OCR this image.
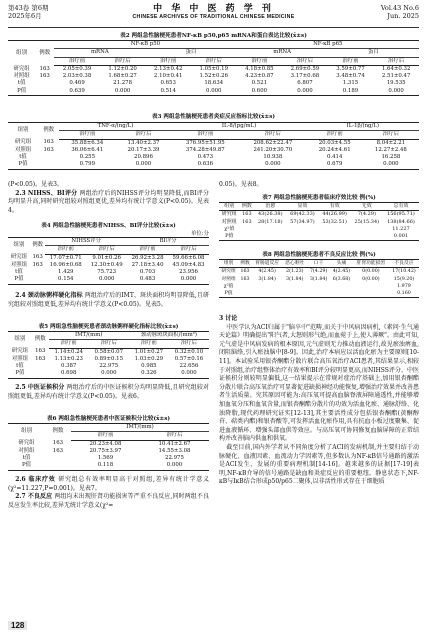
第43卷 第6期
2025年6月
中 华 中 医 药 学 刊
CHINESE ARCHIVES OF TRADITIONAL CHINESE MEDICINE
Vol.43 No.6
Jun. 2025
表2 两组急性脑梗死患者NF-κB p50,p65 mRNA和蛋白表达比较(x̄±s)
组别	例数	NF-κB p50				NF-κB p65			
		mRNA		蛋白		mRNA		蛋白	
		治疗前	治疗后	治疗前	治疗后	治疗前	治疗后	治疗前	治疗后
研究组	163	2.05±0.39	1.12±0.20	2.13±0.42	1.05±0.19	4.18±0.85	2.69±0.59	3.59±0.77	1.64±0.32
对照组	163	2.03±0.38	1.68±0.27	2.10±0.41	1.52±0.26	4.23±0.87	3.17±0.68	3.48±0.74	2.51±0.47
t值		0.469	21.278	0.653	18.634	0.521	6.807	1.315	19.535
P值		0.639	0.000	0.514	0.000	0.600	0.000	0.189	0.000
表3 两组急性脑梗死患者炎症反应指标比较(x̄±s)
组别	例数	TNF-α/(ng/L)		IL-8/(pg/mL)		IL-1β/(ng/L)	
		治疗前	治疗后	治疗前	治疗后	治疗前	治疗后
研究组	163	35.88±6.34	13.40±2.37	376.95±51.95	208.62±22.47	20.03±4.55	8.04±2.21
对照组	163	36.06±6.41	20.17±3.39	374.28±49.87	241.20±30.70	20.24±4.61	12.27±2.48
t值		0.255	20.896	0.473	10.938	0.414	16.258
P值		0.799	0.000	0.636	0.000	0.679	0.000

(P<0.05)。见表3。

2.3 NIHSS、BI评分 两组治疗后的NIHSS评分均明显降低,而BI评分均明显升高,同时研究组较对照组更优,差异均有统计学意义(P<0.05)。见表4。

表4 两组急性脑梗死患者NIHSS、BI评分比较(x̄±s)
单位:分
组别	例数	NIHSS评分		BI评分	
		治疗前	治疗后	治疗前	治疗后
研究组	163	17.07±0.71	9.01±0.26	26.92±3.28	59.66±6.08
对照组	163	16.96±0.68	12.30±0.49	27.18±3.40	45.09±4.83
t值		1.429	75.723	0.703	23.956
P值		0.154	0.000	0.483	0.000

2.4 颈动脉粥样硬化指标 两组治疗后的IMT、斑块面积均明显降低,且研究组较对照组更低,差异均有统计学意义(P<0.05)。见表5。

表5 两组急性脑梗死患者颈动脉粥样硬化指标比较(x̄±s)
组别	例数	IMT/(mm)		颈动脉斑块面积/(mm²)	
		治疗前	治疗后	治疗前	治疗后
研究组	163	1.14±0.24	0.58±0.07	1.01±0.27	0.32±0.10
对照组	163	1.13±0.23	0.89±0.15	1.03±0.29	0.57±0.16
t值		0.387	22.975	0.985	22.656
P值		0.698	0.000	0.326	0.000

2.5 中医证候积分 两组治疗后的中医证候积分均明显降低,且研究组较对照组更低,差异均有统计学意义(P<0.05)。见表6。

表6 两组急性脑梗死患者中医证候积分比较(x̄±s)
组别	例数	IMT/(mm)	
		治疗前	治疗后
研究组	163	20.23±4.08	10.41±2.67
对照组	163	20.75±3.97	14.55±3.08
t值		1.569	22.975
P值		0.118	0.000

2.6 临床疗效 研究组总有效率明显高于对照组,差异有统计学意义(χ²=11.227,P=0.001)。见表7。

2.7 不良反应 两组均未出现肝肾功能损害等严重不良反应,同时两组不良反应发生率比较,差异无统计学意义(χ²=

0.05)。见表8。

表7 两组急性脑梗死患者临床疗效比较 例(%)
组别	例数	治愈	显效	有效	无效	总有效
研究组	163	43(26.38)	69(42.33)	44(26.99)	7(4.29)	156(95.71)
对照组	163	28(17.18)	57(34.97)	53(32.51)	25(15.34)	138(84.66)
χ²值						11.227
P值						0.001
表8 两组急性脑梗死患者不良反应比较 例(%)
组别	例数	胃肠道反应	恶心呕吐	口干	头痛	肝肾功能损害	不良反应
研究组	163	4(2.45)	2(1.23)	7(4.29)	4(2.45)	0(0.00)	17(10.42)
对照组	163	3(1.84)	3(1.84)	3(1.84)	6(3.68)	0(0.00)	15(9.20)
χ²值							1.979
P值							0.160

3 讨论

中医学认为ACI归属于"脑卒中"范畴,而关于中风病因病机,《素问·生气通天论篇》明确提出"阳气者,大怒则形气绝,而血菀于上,使人薄厥"。由此可知,元气虚是中风病发病的根本原因,元气虚则无力推动血液运行,故见瘀浊痹血,闭阻脑络,引入瘀浊脑中[8-9]。因此,治疗本病应以活血化瘀为主要原则[10-11]。本试验采用银杏酮酯分散片联合高压氧治疗ACI患者,其结果显示,相较于对照组,治疗组整体治疗有效率和BI评分较明显更高,而NIHSS评分、中医证候积分则较明显偏低,这一结果提示在常规对症治疗基础上,加用银杏酮酯分散片联合高压氧治疗可显著促进缺损神经功能恢复,增强治疗效果并改善患者生活质量。究其原因可能为:高压氧可提高血脑脊液屏障通透性,并能够增加血氧分压和血氧含量,而银杏酮酯分散片的功效为活血化瘀、通脉舒络、化浊降脂,现代药理研究证实[12-13],其主要活性成分包括银杏酮酯(黄酮醇苷、萜类内酯)和银杏酸等,可发挥活血化瘀作用,具有抗血小板过度聚集、促进血液循环、增强头部血供等效应。与高压氧可协同修复血脑屏障的正常结构并改善脑内供血和供氧。

截至目前,国内外学者从不同角度分析了ACI的发病机制,并主要归结于动脉硬化、血液因素、血流动力学因素等,但多数认为NF-κB信号通路的激活是ACI发生、发展的重要病理机制[14-16]。越来越多的证据[17-19]表明,NF-κB介导的信号通路是缺血和炎症反应的重要枢纽。静息状态下,NF-κB与IκB结合形成p50/p65二聚体,以非活性形式存在于细胞质

128
